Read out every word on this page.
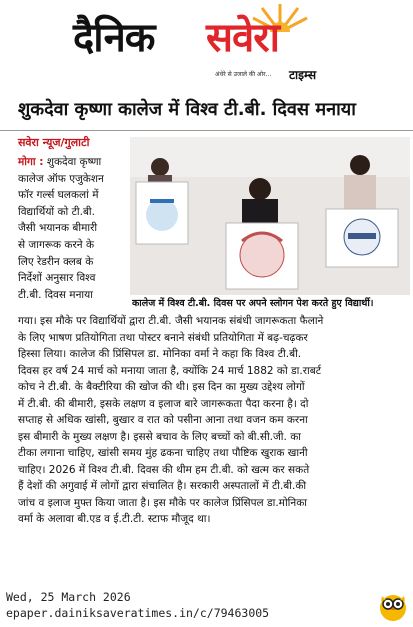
दैनिक सवेरा
अंधेरे से उजाले की ओर... टाइम्स
शुकदेवा कृष्णा कालेज में विश्व टी.बी. दिवस मनाया
सवेरा न्यूज/गुलाटी
मोगा : शुकदेवा कृष्णा
कालेज ऑफ एजुकेशन
फॉर गर्ल्स घलकलां में
विद्यार्थियों को टी.बी.
जैसी भयानक बीमारी
से जागरूक करने के
लिए रेडरीन क्लब के
निर्देशों अनुसार विश्व
टी.बी. दिवस मनाया
कालेज में विश्व टी.बी. दिवस पर अपने स्लोगन पेश करते हुए विद्यार्थी।
गया। इस मौके पर विद्यार्थियों द्वारा टी.बी. जैसी भयानक संबंधी जागरूकता फैलाने
के लिए भाषण प्रतियोगिता तथा पोस्टर बनाने संबंधी प्रतियोगिता में बढ़-चढ़कर
हिस्सा लिया। कालेज की प्रिंसिपल डा. मोनिका वर्मा ने कहा कि विश्व टी.बी.
दिवस हर वर्ष 24 मार्च को मनाया जाता है, क्योंकि 24 मार्च 1882 को डा.राबर्ट
कोच ने टी.बी. के बैक्टीरिया की खोज की थी। इस दिन का मुख्य उद्देश्य लोगों
में टी.बी. की बीमारी, इसके लक्षण व इलाज बारे जागरूकता पैदा करना है। दो
सप्ताह से अधिक खांसी, बुखार व रात को पसीना आना तथा वजन कम करना
इस बीमारी के मुख्य लक्षण है। इससे बचाव के लिए बच्चों को बी.सी.जी. का
टीका लगाना चाहिए, खांसी समय मुंह ढकना चाहिए तथा पौष्टिक खुराक खानी
चाहिए। 2026 में विश्व टी.बी. दिवस की थीम हम टी.बी. को खत्म कर सकते
हैं देशों की अगुवाई में लोगों द्वारा संचालित है। सरकारी अस्पतालों में टी.बी.की
जांच व इलाज मुफ्त किया जाता है। इस मौके पर कालेज प्रिंसिपल डा.मोनिका
वर्मा के अलावा बी.एड व ई.टी.टी. स्टाफ मौजूद था।
Wed, 25 March 2026
epaper.dainiksaveratimes.in/c/79463005
